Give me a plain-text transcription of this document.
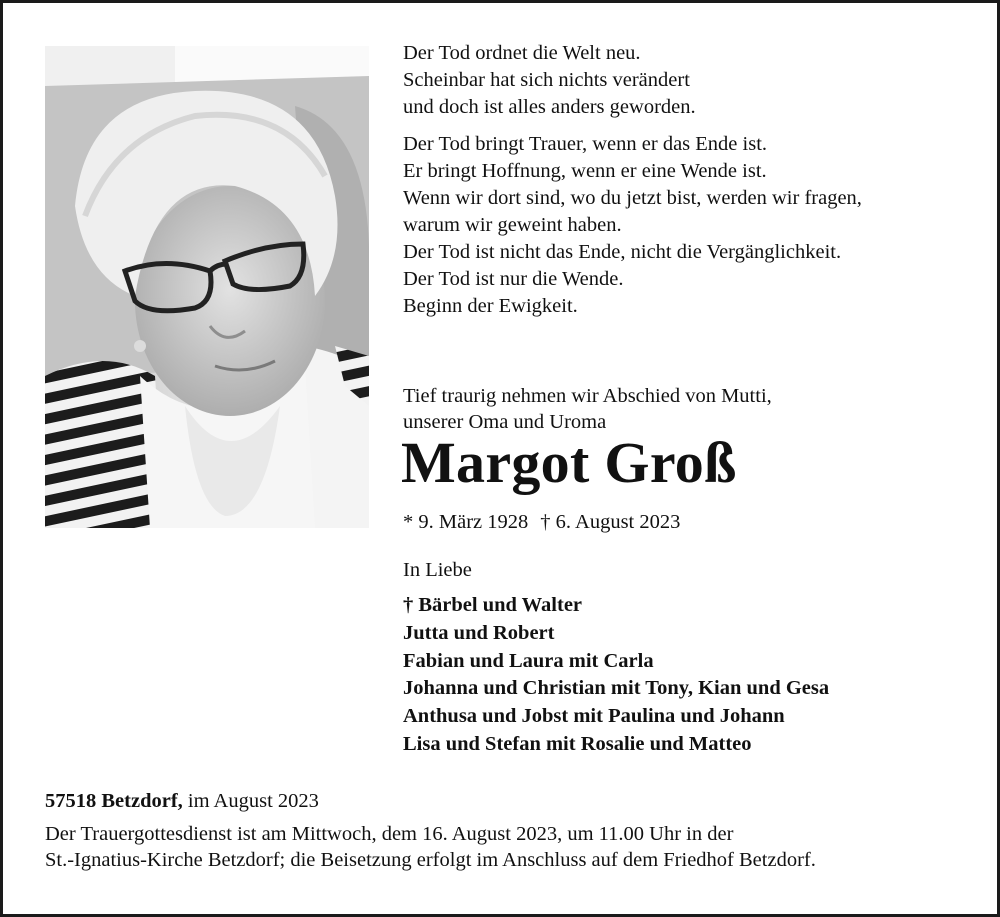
Der Tod ordnet die Welt neu.
Scheinbar hat sich nichts verändert
und doch ist alles anders geworden.
Der Tod bringt Trauer, wenn er das Ende ist.
Er bringt Hoffnung, wenn er eine Wende ist.
Wenn wir dort sind, wo du jetzt bist, werden wir fragen,
warum wir geweint haben.
Der Tod ist nicht das Ende, nicht die Vergänglichkeit.
Der Tod ist nur die Wende.
Beginn der Ewigkeit.
Tief traurig nehmen wir Abschied von Mutti,
unserer Oma und Uroma
Margot Groß
* 9. März 1928 † 6. August 2023
In Liebe
† Bärbel und Walter
Jutta und Robert
Fabian und Laura mit Carla
Johanna und Christian mit Tony, Kian und Gesa
Anthusa und Jobst mit Paulina und Johann
Lisa und Stefan mit Rosalie und Matteo
57518 Betzdorf, im August 2023
Der Trauergottesdienst ist am Mittwoch, dem 16. August 2023, um 11.00 Uhr in der
St.-Ignatius-Kirche Betzdorf; die Beisetzung erfolgt im Anschluss auf dem Friedhof Betzdorf.
